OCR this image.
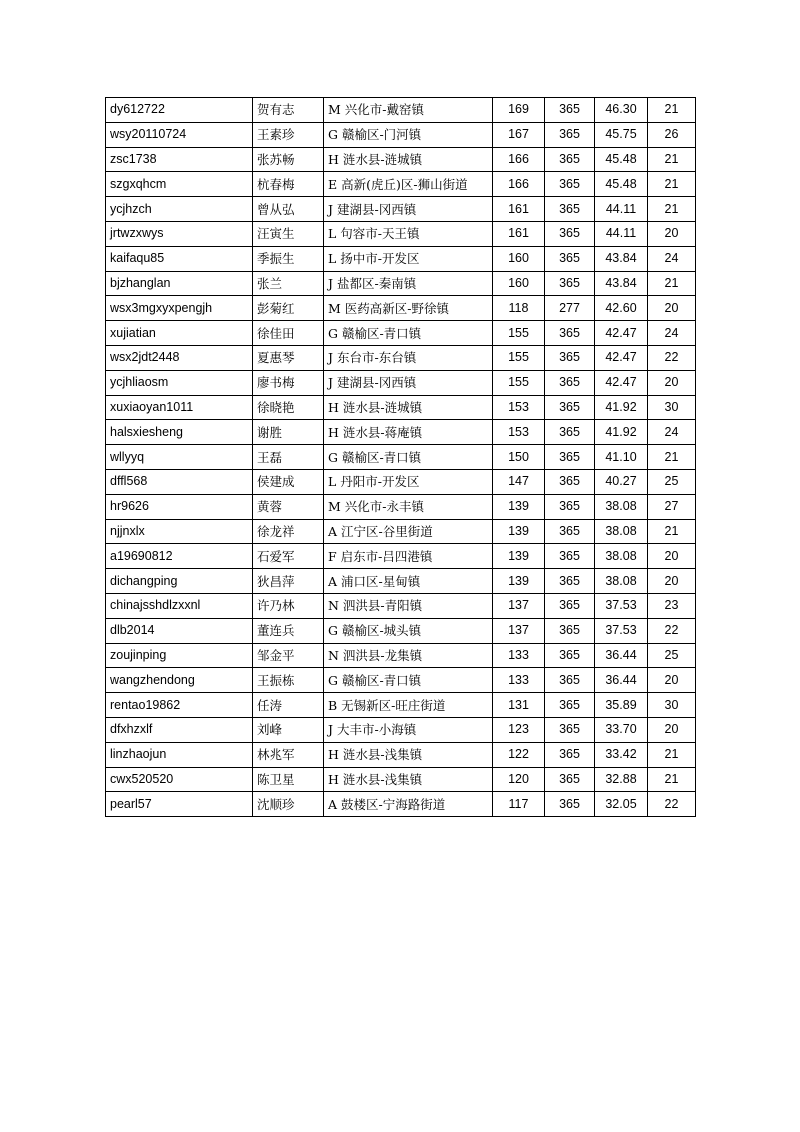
dy612722	贺有志	M 兴化市-戴窑镇	169	365	46.30	21
wsy20110724	王素珍	G 赣榆区-门河镇	167	365	45.75	26
zsc1738	张苏畅	H 涟水县-涟城镇	166	365	45.48	21
szgxqhcm	杭春梅	E 高新(虎丘)区-狮山街道	166	365	45.48	21
ycjhzch	曾从弘	J 建湖县-冈西镇	161	365	44.11	21
jrtwzxwys	汪寅生	L 句容市-天王镇	161	365	44.11	20
kaifaqu85	季振生	L 扬中市-开发区	160	365	43.84	24
bjzhanglan	张兰	J 盐都区-秦南镇	160	365	43.84	21
wsx3mgxyxpengjh	彭菊红	M 医药高新区-野徐镇	118	277	42.60	20
xujiatian	徐佳田	G 赣榆区-青口镇	155	365	42.47	24
wsx2jdt2448	夏惠琴	J 东台市-东台镇	155	365	42.47	22
ycjhliaosm	廖书梅	J 建湖县-冈西镇	155	365	42.47	20
xuxiaoyan1011	徐晓艳	H 涟水县-涟城镇	153	365	41.92	30
halsxiesheng	谢胜	H 涟水县-蒋庵镇	153	365	41.92	24
wllyyq	王磊	G 赣榆区-青口镇	150	365	41.10	21
dffl568	侯建成	L 丹阳市-开发区	147	365	40.27	25
hr9626	黄蓉	M 兴化市-永丰镇	139	365	38.08	27
njjnxlx	徐龙祥	A 江宁区-谷里街道	139	365	38.08	21
a19690812	石爱军	F 启东市-吕四港镇	139	365	38.08	20
dichangping	狄昌萍	A 浦口区-星甸镇	139	365	38.08	20
chinajsshdlzxxnl	许乃林	N 泗洪县-青阳镇	137	365	37.53	23
dlb2014	董连兵	G 赣榆区-城头镇	137	365	37.53	22
zoujinping	邹金平	N 泗洪县-龙集镇	133	365	36.44	25
wangzhendong	王振栋	G 赣榆区-青口镇	133	365	36.44	20
rentao19862	任涛	B 无锡新区-旺庄街道	131	365	35.89	30
dfxhzxlf	刘峰	J 大丰市-小海镇	123	365	33.70	20
linzhaojun	林兆军	H 涟水县-浅集镇	122	365	33.42	21
cwx520520	陈卫星	H 涟水县-浅集镇	120	365	32.88	21
pearl57	沈顺珍	A 鼓楼区-宁海路街道	117	365	32.05	22
